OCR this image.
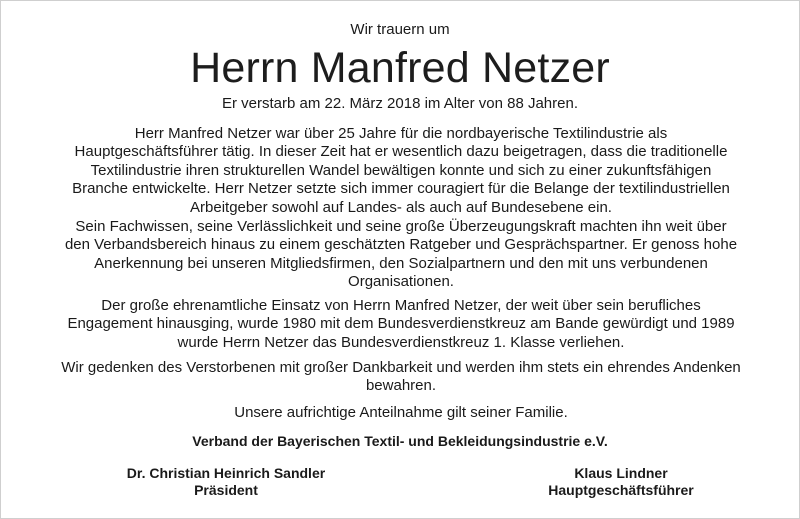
Wir trauern um
Herrn Manfred Netzer
Er verstarb am 22. März 2018 im Alter von 88 Jahren.
Herr Manfred Netzer war über 25 Jahre für die nordbayerische Textilindustrie als Hauptgeschäftsführer tätig. In dieser Zeit hat er wesentlich dazu beigetragen, dass die traditionelle Textilindustrie ihren strukturellen Wandel bewältigen konnte und sich zu einer zukunftsfähigen Branche entwickelte. Herr Netzer setzte sich immer couragiert für die Belange der textilindustriellen Arbeitgeber sowohl auf Landes- als auch auf Bundesebene ein.
Sein Fachwissen, seine Verlässlichkeit und seine große Überzeugungskraft machten ihn weit über den Verbandsbereich hinaus zu einem geschätzten Ratgeber und Gesprächspartner. Er genoss hohe Anerkennung bei unseren Mitgliedsfirmen, den Sozialpartnern und den mit uns verbundenen Organisationen.
Der große ehrenamtliche Einsatz von Herrn Manfred Netzer, der weit über sein berufliches Engagement hinausging, wurde 1980 mit dem Bundesverdienstkreuz am Bande gewürdigt und 1989 wurde Herrn Netzer das Bundesverdienstkreuz 1. Klasse verliehen.
Wir gedenken des Verstorbenen mit großer Dankbarkeit und werden ihm stets ein ehrendes Andenken bewahren.
Unsere aufrichtige Anteilnahme gilt seiner Familie.
Verband der Bayerischen Textil- und Bekleidungsindustrie e.V.
Dr. Christian Heinrich Sandler
Präsident
Klaus Lindner
Hauptgeschäftsführer
